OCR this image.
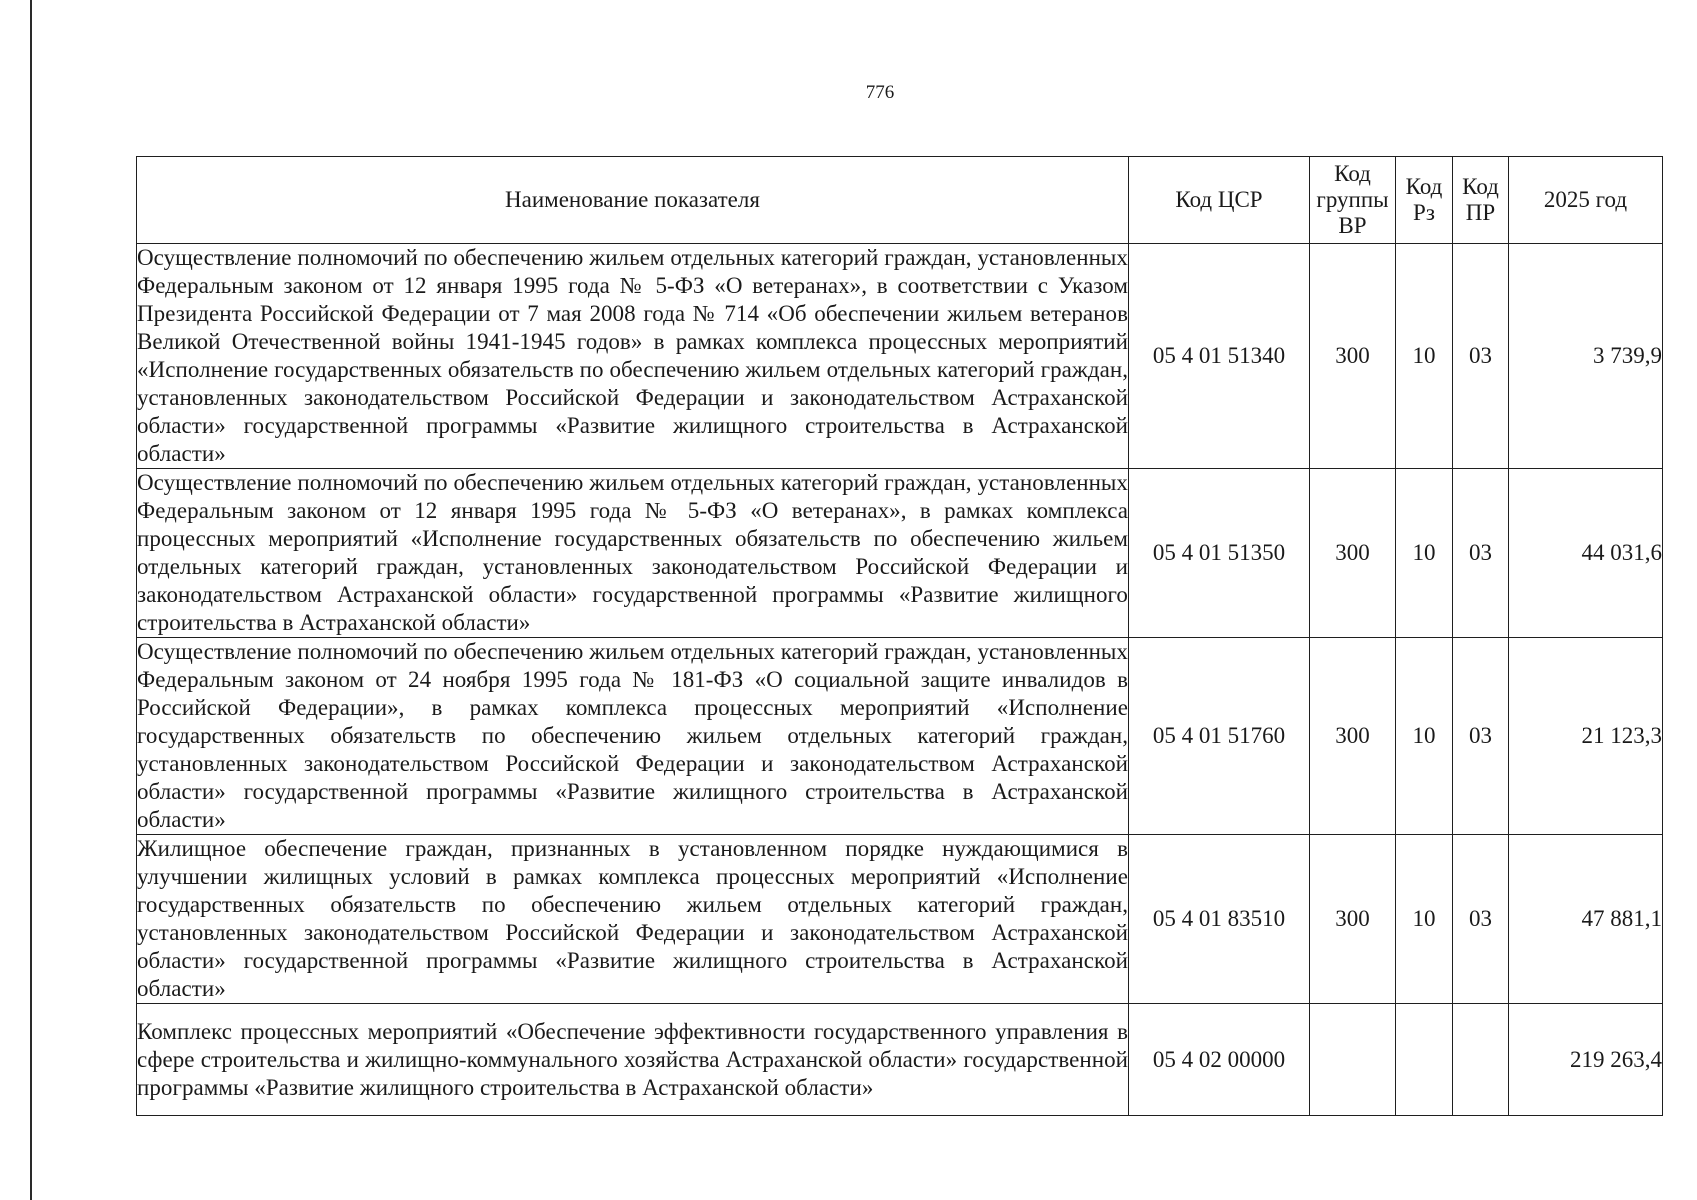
776
Наименование показателя	Код ЦСР	Код группы ВР	Код Рз	Код ПР	2025 год
Осуществление полномочий по обеспечению жильем отдельных категорий граждан, установленных Федеральным законом от 12 января 1995 года № 5-ФЗ «О ветеранах», в соответствии с Указом Президента Российской Федерации от 7 мая 2008 года № 714 «Об обеспечении жильем ветеранов Великой Отечественной войны 1941-1945 годов» в рамках комплекса процессных мероприятий «Исполнение государственных обязательств по обеспечению жильем отдельных категорий граждан, установленных законодательством Российской Федерации и законодательством Астраханской области» государственной программы «Развитие жилищного строительства в Астраханской области»	05 4 01 51340	300	10	03	3 739,9
Осуществление полномочий по обеспечению жильем отдельных категорий граждан, установленных Федеральным законом от 12 января 1995 года № 5-ФЗ «О ветеранах», в рамках комплекса процессных мероприятий «Исполнение государственных обязательств по обеспечению жильем отдельных категорий граждан, установленных законодательством Российской Федерации и законодательством Астраханской области» государственной программы «Развитие жилищного строительства в Астраханской области»	05 4 01 51350	300	10	03	44 031,6
Осуществление полномочий по обеспечению жильем отдельных категорий граждан, установленных Федеральным законом от 24 ноября 1995 года № 181-ФЗ «О социальной защите инвалидов в Российской Федерации», в рамках комплекса процессных мероприятий «Исполнение государственных обязательств по обеспечению жильем отдельных категорий граждан, установленных законодательством Российской Федерации и законодательством Астраханской области» государственной программы «Развитие жилищного строительства в Астраханской области»	05 4 01 51760	300	10	03	21 123,3
Жилищное обеспечение граждан, признанных в установленном порядке нуждающимися в улучшении жилищных условий в рамках комплекса процессных мероприятий «Исполнение государственных обязательств по обеспечению жильем отдельных категорий граждан, установленных законодательством Российской Федерации и законодательством Астраханской области» государственной программы «Развитие жилищного строительства в Астраханской области»	05 4 01 83510	300	10	03	47 881,1
Комплекс процессных мероприятий «Обеспечение эффективности государственного управления в сфере строительства и жилищно-коммунального хозяйства Астраханской области» государственной программы «Развитие жилищного строительства в Астраханской области»	05 4 02 00000				219 263,4
